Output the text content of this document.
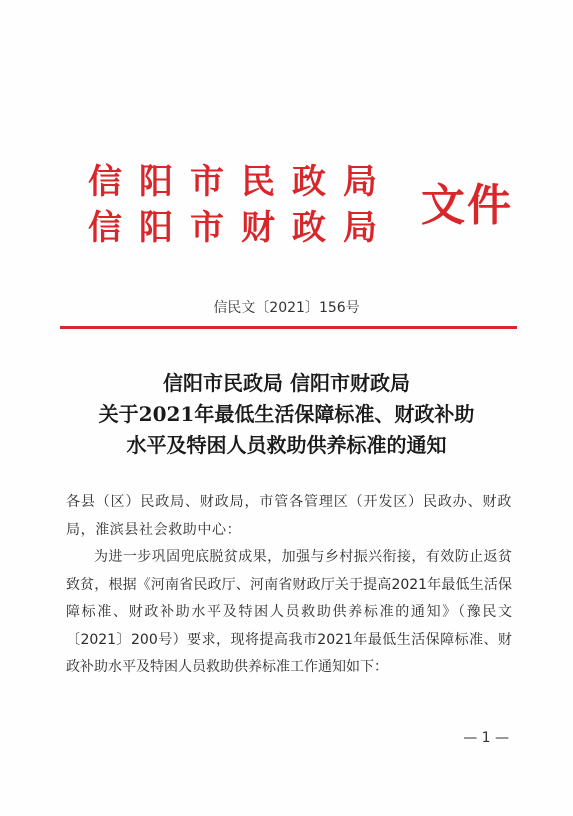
信阳市民政局
信阳市财政局 文件
信民文〔2021〕156号
信阳市民政局 信阳市财政局
关于2021年最低生活保障标准、财政补助
水平及特困人员救助供养标准的通知

各县（区）民政局、财政局，市管各管理区（开发区）民政办、财政局，淮滨县社会救助中心：

为进一步巩固兜底脱贫成果，加强与乡村振兴衔接，有效防止返贫致贫，根据《河南省民政厅、河南省财政厅关于提高2021年最低生活保障标准、财政补助水平及特困人员救助供养标准的通知》（豫民文〔2021〕200号）要求，现将提高我市2021年最低生活保障标准、财政补助水平及特困人员救助供养标准工作通知如下：

— 1 —
